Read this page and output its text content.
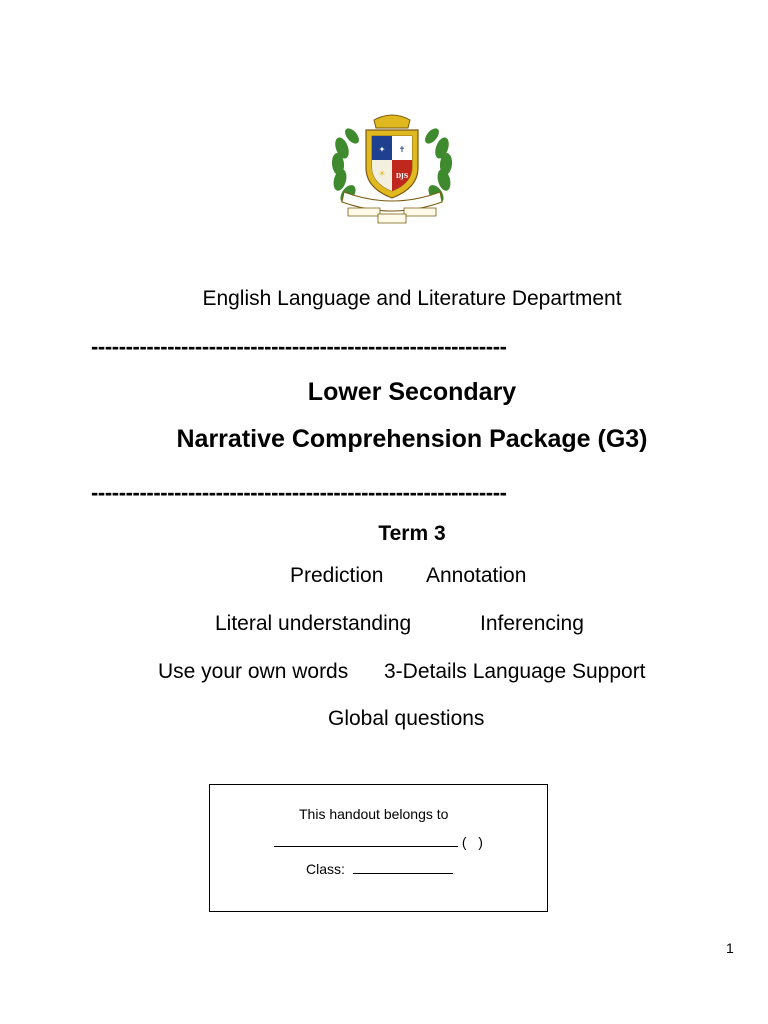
✝
✦
☀ DJS
English Language and Literature Department
------------------------------------------------------------
Lower Secondary
Narrative Comprehension Package (G3)
------------------------------------------------------------
Term 3
Prediction Annotation
Literal understanding	Inferencing
Use your own words 3-Details Language Support
Global questions
This handout belongs to
(   )
Class:
1
